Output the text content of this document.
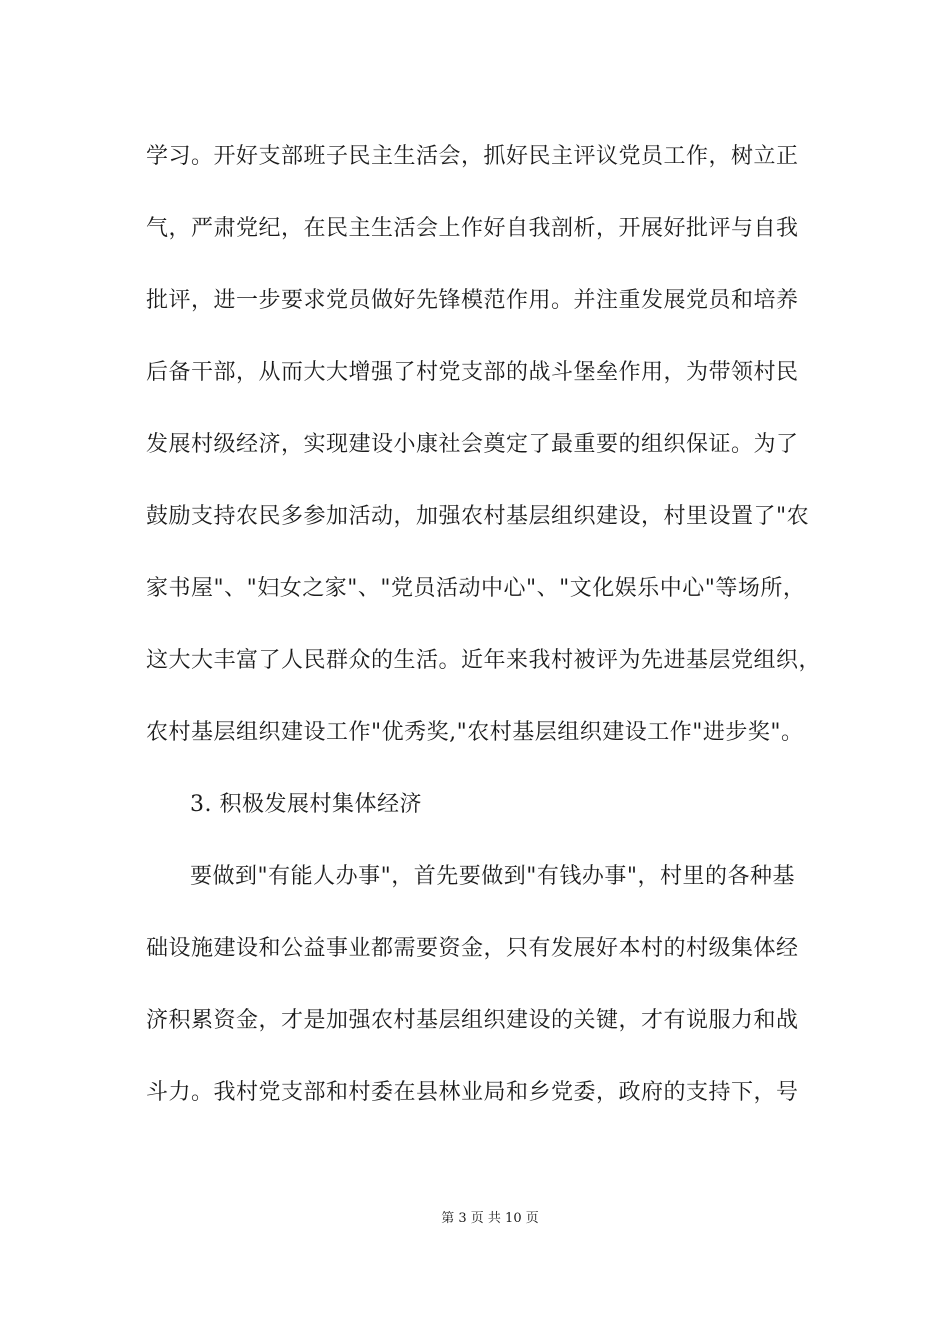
学习。开好支部班子民主生活会，抓好民主评议党员工作，树立正
气，严肃党纪，在民主生活会上作好自我剖析，开展好批评与自我
批评，进一步要求党员做好先锋模范作用。并注重发展党员和培养
后备干部，从而大大增强了村党支部的战斗堡垒作用，为带领村民
发展村级经济，实现建设小康社会奠定了最重要的组织保证。为了
鼓励支持农民多参加活动，加强农村基层组织建设，村里设置了"农
家书屋"、"妇女之家"、"党员活动中心"、"文化娱乐中心"等场所，
这大大丰富了人民群众的生活。近年来我村被评为先进基层党组织，
农村基层组织建设工作"优秀奖,"农村基层组织建设工作"进步奖"。
3. 积极发展村集体经济
要做到"有能人办事"，首先要做到"有钱办事"，村里的各种基
础设施建设和公益事业都需要资金，只有发展好本村的村级集体经
济积累资金，才是加强农村基层组织建设的关键，才有说服力和战
斗力。我村党支部和村委在县林业局和乡党委，政府的支持下，号
第 3 页 共 10 页
